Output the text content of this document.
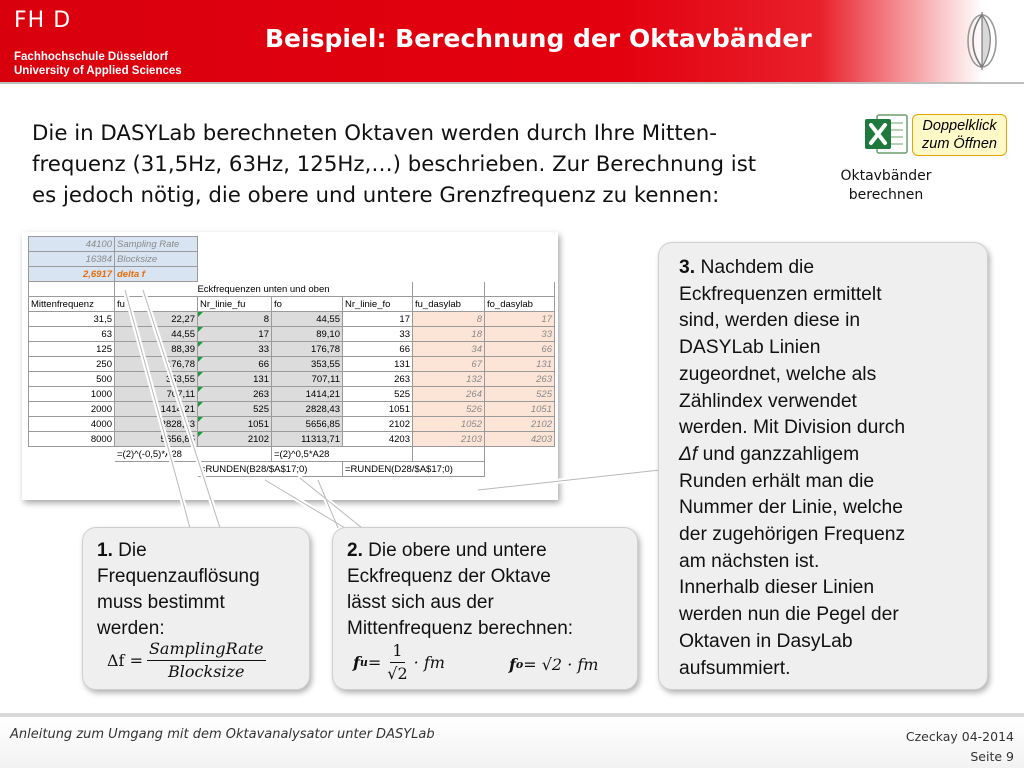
FH D
Fachhochschule Düsseldorf
University of Applied Sciences
Beispiel: Berechnung der Oktavbänder
Die in DASYLab berechneten Oktaven werden durch Ihre Mitten-
frequenz (31,5Hz, 63Hz, 125Hz,…) beschrieben. Zur Berechnung ist
es jedoch nötig, die obere und untere Grenzfrequenz zu kennen:
Doppelklick
zum Öffnen
Oktavbänder
berechnen
44100	Sampling Rate					
16384	Blocksize					
2,6917	delta f					
	Eckfrequenzen unten und oben					
Mittenfrequenz	fu	Nr_linie_fu	fo	Nr_linie_fo	fu_dasylab	fo_dasylab
31,5	22,27	8	44,55	17	8	17
63	44,55	17	89,10	33	18	33
125	88,39	33	176,78	66	34	66
250	176,78	66	353,55	131	67	131
500	353,55	131	707,11	263	132	263
1000	707,11	263	1414,21	525	264	525
2000	1414,21	525	2828,43	1051	526	1051
4000	2828,43	1051	5656,85	2102	1052	2102
8000	5656,85	2102	11313,71	4203	2103	4203
	=(2)^(-0,5)*A28		=(2)^0,5*A28			
		=RUNDEN(B28/$A$17;0)		=RUNDEN(D28/$A$17;0)		
1. Die
Frequenzauflösung
muss bestimmt
werden:
$\Delta f = \frac{\text{SamplingRate}}{\text{Blocksize}}$
2. Die obere und untere
Eckfrequenz der Oktave
lässt sich aus der
Mittenfrequenz berechnen:
f $u = \frac{1}{√2}$ · fm	f o = √2 · fm
3. Nachdem die
Eckfrequenzen ermittelt
sind, werden diese in
DASYLab Linien
zugeordnet, welche als
Zählindex verwendet
werden. Mit Division durch
Δf und ganzzahligem
Runden erhält man die
Nummer der Linie, welche
der zugehörigen Frequenz
am nächsten ist.
Innerhalb dieser Linien
werden nun die Pegel der
Oktaven in DasyLab
aufsummiert.
Anleitung zum Umgang mit dem Oktavanalysator unter DASYLab	Czeckay 04-2014
Seite 9
